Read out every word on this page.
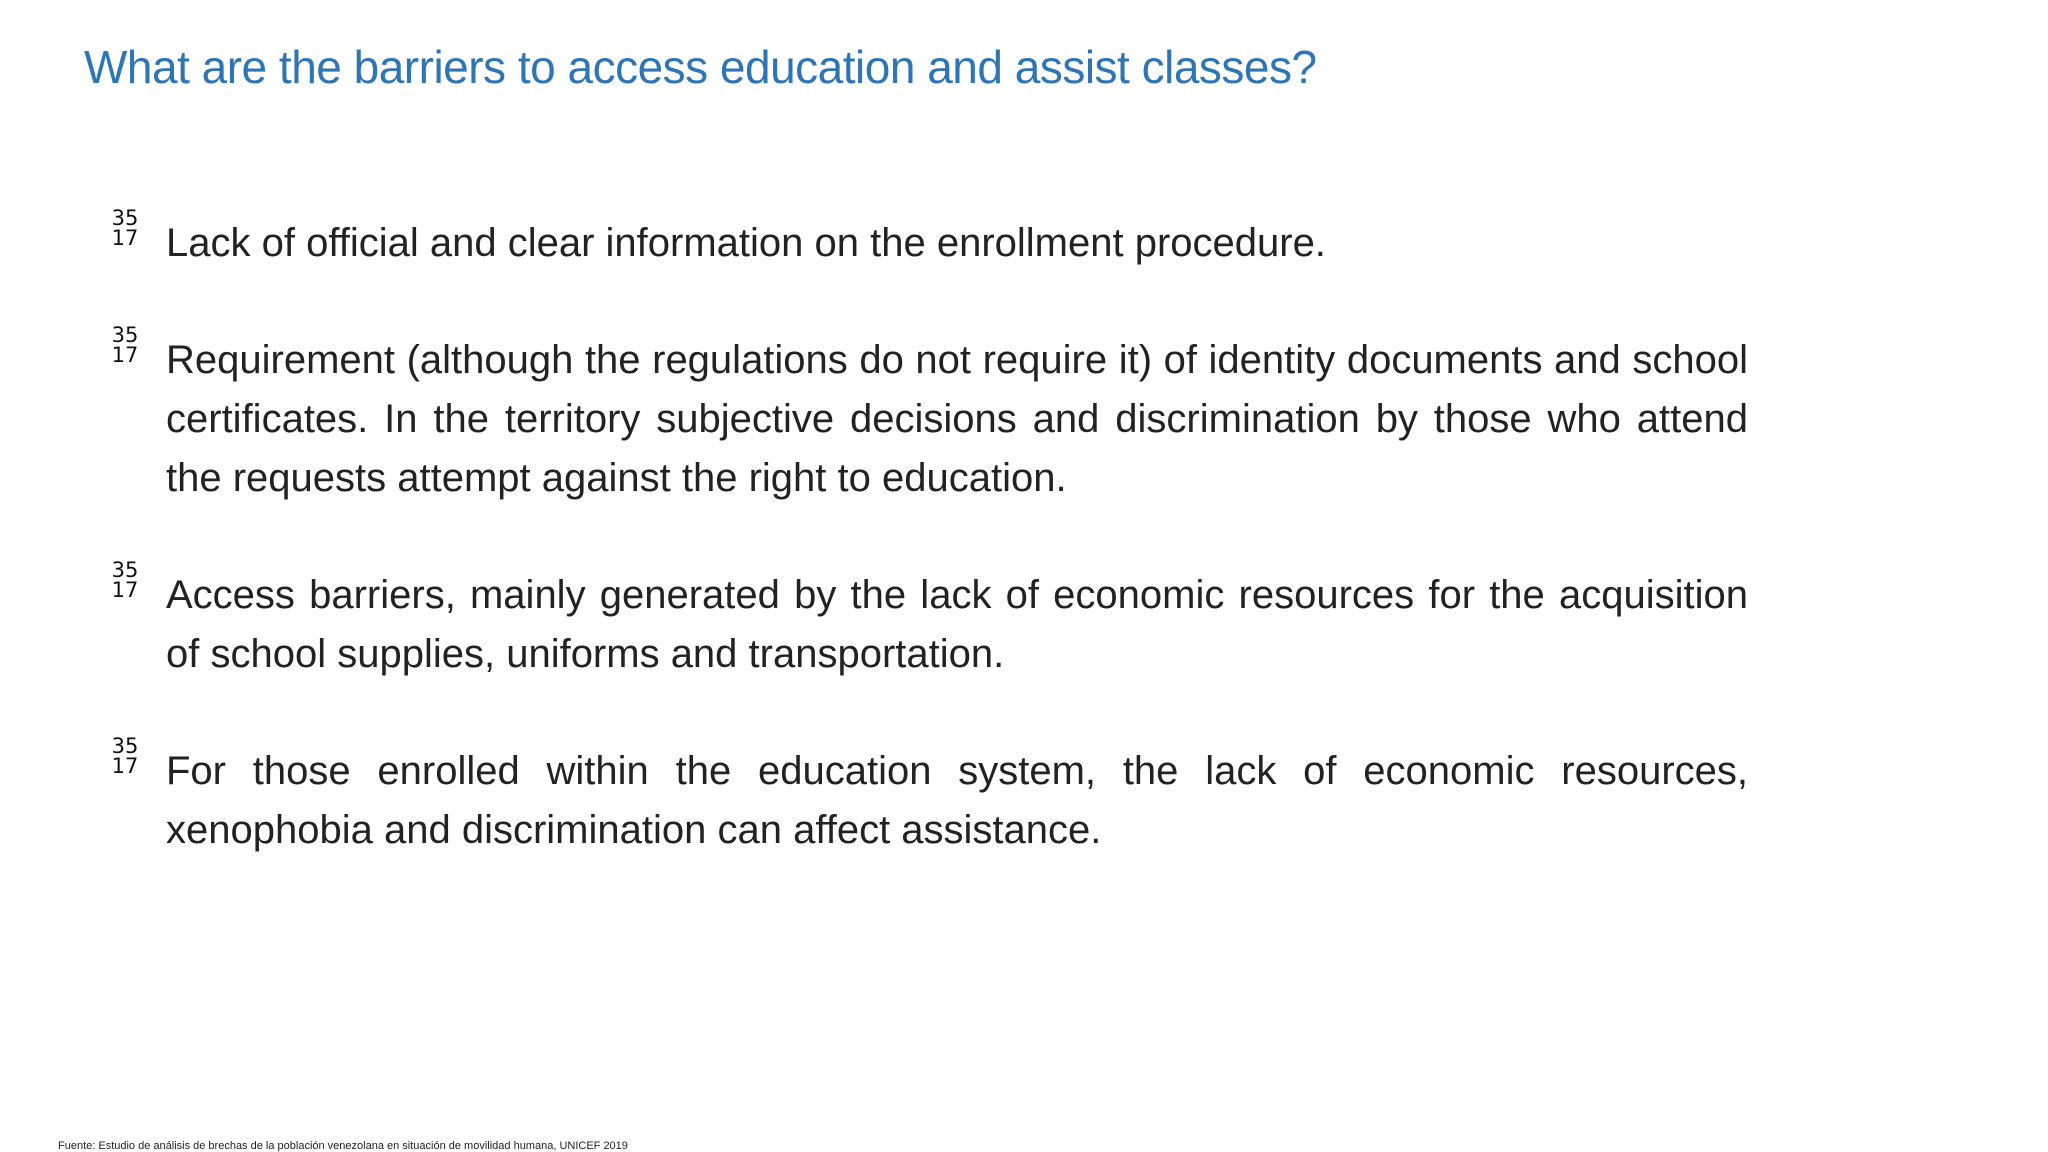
What are the barriers to access education and assist classes?
35
17 Lack of official and clear information on the enrollment procedure.
35
17 Requirement (although the regulations do not require it) of identity documents and school certificates. In the territory subjective decisions and discrimination by those who attend the requests attempt against the right to education.
35
17 Access barriers, mainly generated by the lack of economic resources for the acquisition of school supplies, uniforms and transportation.
35
17 For those enrolled within the education system, the lack of economic resources, xenophobia and discrimination can affect assistance.

Fuente: Estudio de análisis de brechas de la población venezolana en situación de movilidad humana, UNICEF 2019
